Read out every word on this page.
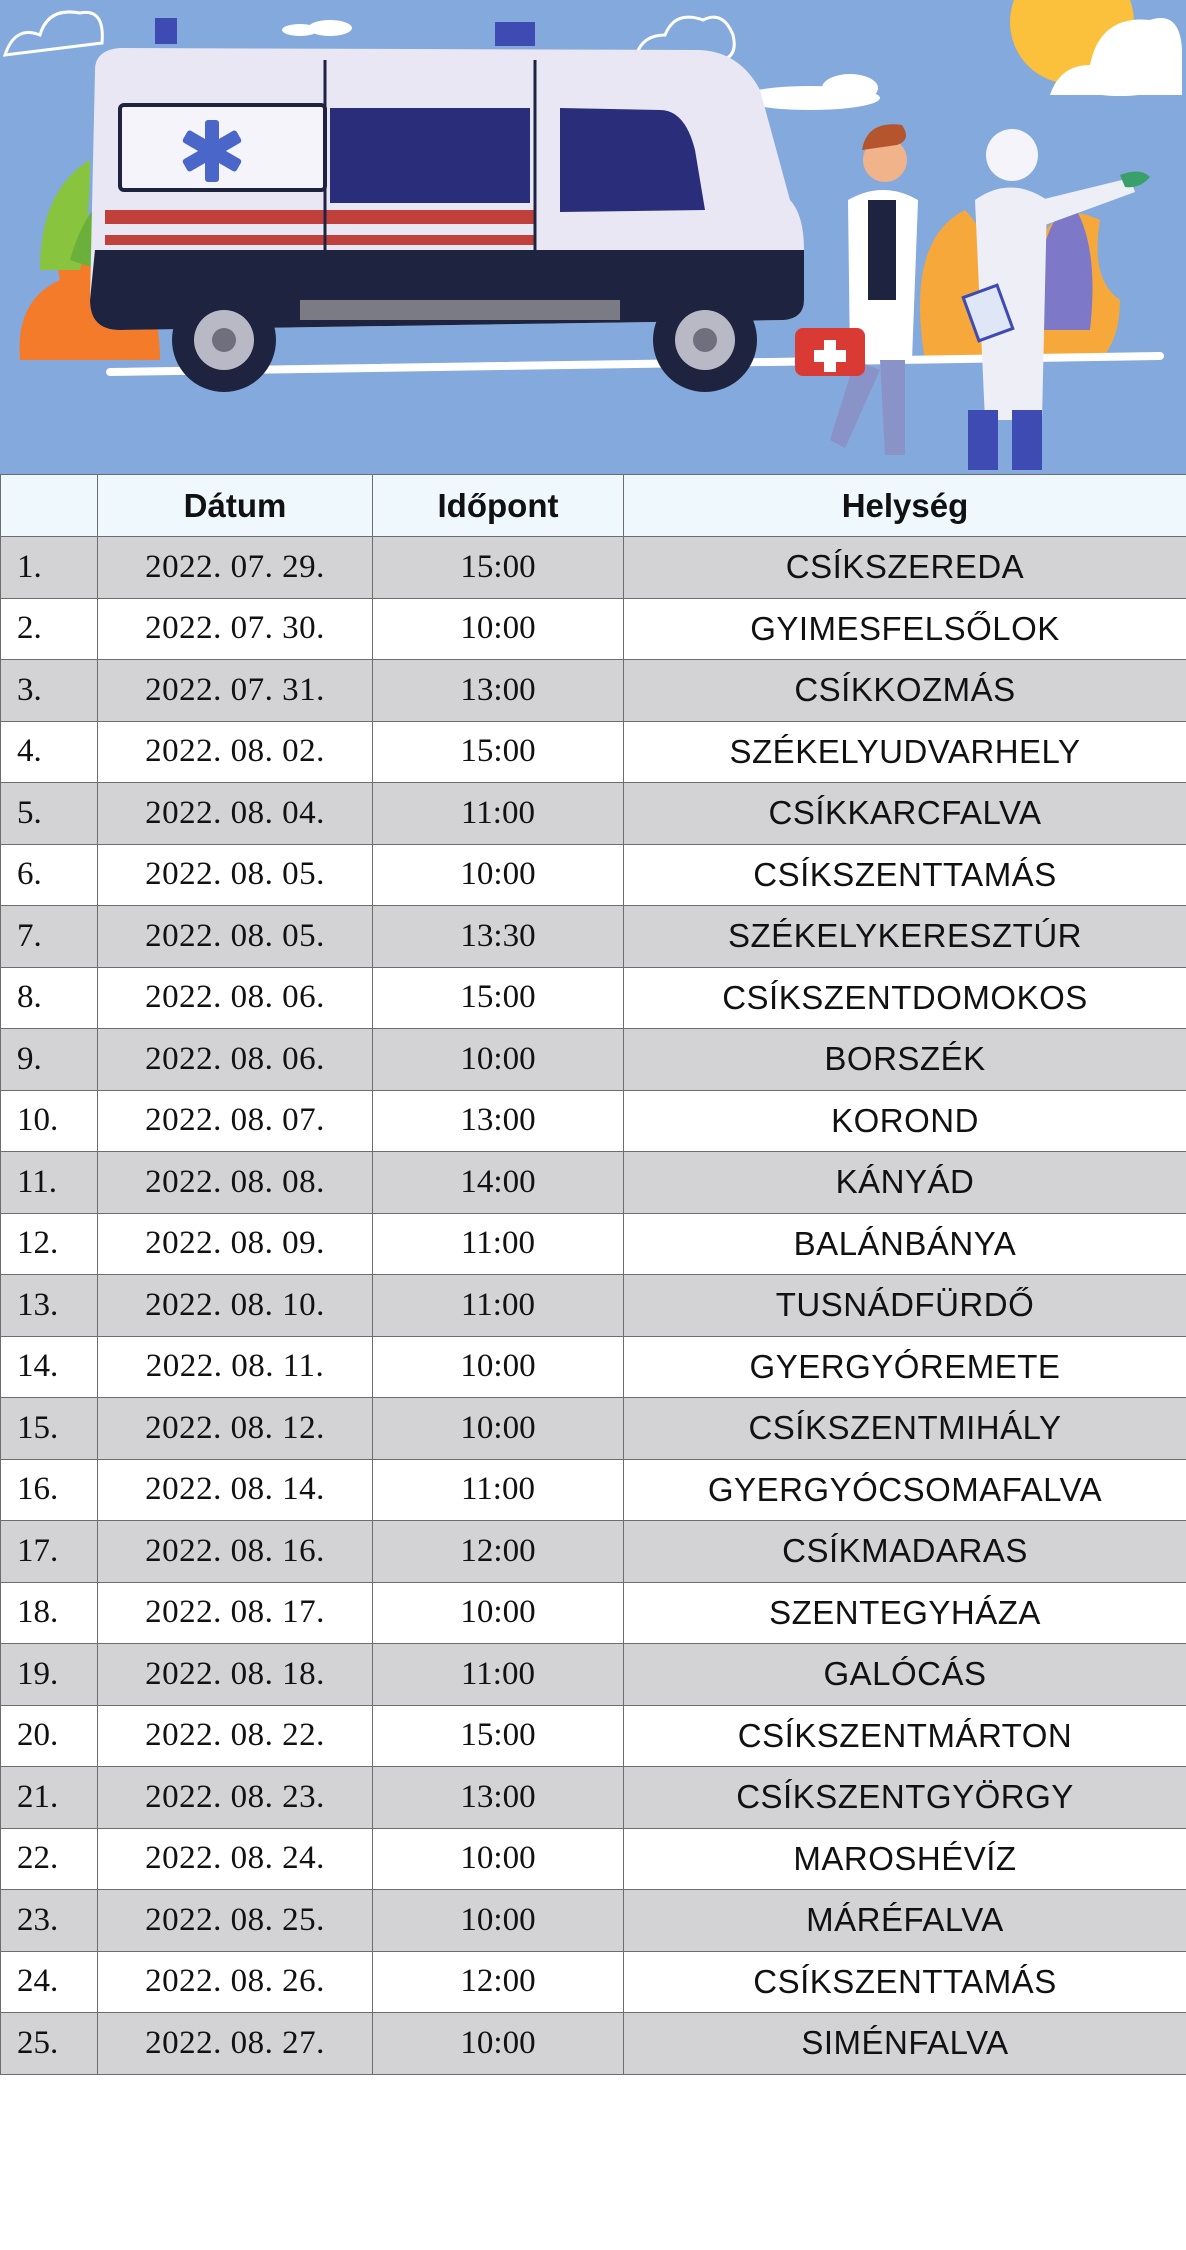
	Dátum	Időpont	Helység
1.	2022. 07. 29.	15:00	CSÍKSZEREDA
2.	2022. 07. 30.	10:00	GYIMESFELSŐLOK
3.	2022. 07. 31.	13:00	CSÍKKOZMÁS
4.	2022. 08. 02.	15:00	SZÉKELYUDVARHELY
5.	2022. 08. 04.	11:00	CSÍKKARCFALVA
6.	2022. 08. 05.	10:00	CSÍKSZENTTAMÁS
7.	2022. 08. 05.	13:30	SZÉKELYKERESZTÚR
8.	2022. 08. 06.	15:00	CSÍKSZENTDOMOKOS
9.	2022. 08. 06.	10:00	BORSZÉK
10.	2022. 08. 07.	13:00	KOROND
11.	2022. 08. 08.	14:00	KÁNYÁD
12.	2022. 08. 09.	11:00	BALÁNBÁNYA
13.	2022. 08. 10.	11:00	TUSNÁDFÜRDŐ
14.	2022. 08. 11.	10:00	GYERGYÓREMETE
15.	2022. 08. 12.	10:00	CSÍKSZENTMIHÁLY
16.	2022. 08. 14.	11:00	GYERGYÓCSOMAFALVA
17.	2022. 08. 16.	12:00	CSÍKMADARAS
18.	2022. 08. 17.	10:00	SZENTEGYHÁZA
19.	2022. 08. 18.	11:00	GALÓCÁS
20.	2022. 08. 22.	15:00	CSÍKSZENTMÁRTON
21.	2022. 08. 23.	13:00	CSÍKSZENTGYÖRGY
22.	2022. 08. 24.	10:00	MAROSHÉVÍZ
23.	2022. 08. 25.	10:00	MÁRÉFALVA
24.	2022. 08. 26.	12:00	CSÍKSZENTTAMÁS
25.	2022. 08. 27.	10:00	SIMÉNFALVA
